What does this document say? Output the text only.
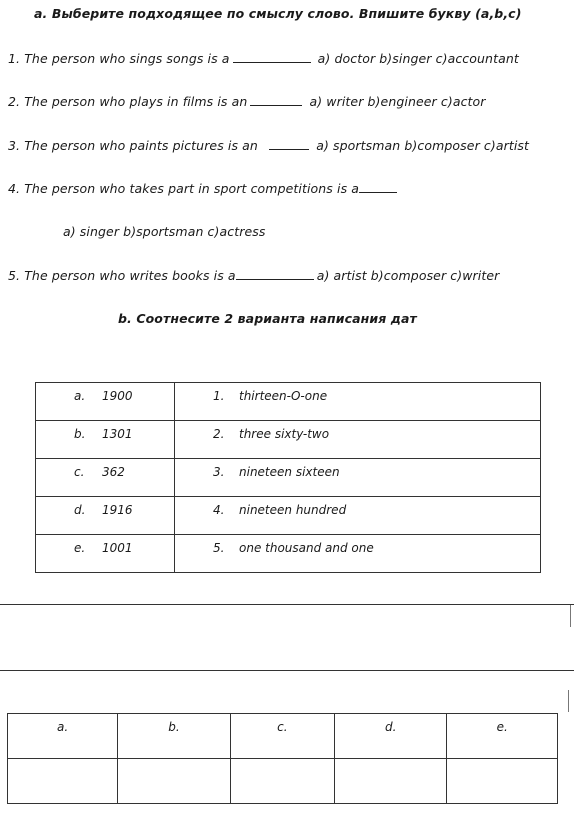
a. Выберите подходящее по смыслу слово. Впишите букву (a,b,c)
1. The person who sings songs is a	a) doctor b)singer c)accountant
2. The person who plays in films is an	a) writer b)engineer c)actor
3. The person who paints pictures is an	a) sportsman b)composer c)artist
4. The person who takes part in sport competitions is a
a) singer b)sportsman c)actress
5. The person who writes books is a	a) artist b)composer c)writer
b. Соотнесите 2 варианта написания дат
a. 1900	1. thirteen-O-one

b. 1301	2. three sixty-two

c. 362	3. nineteen sixteen

d. 1916	4. nineteen hundred

e. 1001	5. one thousand and one
a.	b.	c.	d.	e.
